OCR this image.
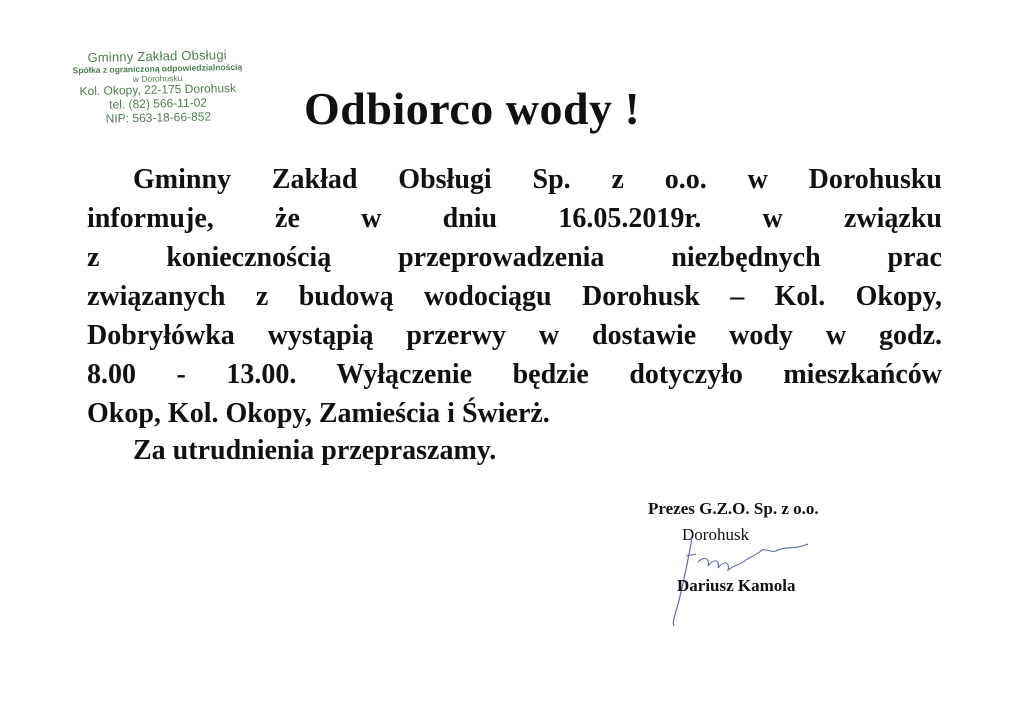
Gminny Zakład Obsługi
Spółka z ograniczoną odpowiedzialnością
w Dorohusku
Kol. Okopy, 22-175 Dorohusk
tel. (82) 566-11-02
NIP: 563-18-66-852	Odbiorco wody !
Gminny Zakład Obsługi Sp. z o.o. w Dorohusku
informuje, że w dniu 16.05.2019r. w związku
z koniecznością przeprowadzenia niezbędnych prac
związanych z budową wodociągu Dorohusk – Kol. Okopy,
Dobryłówka wystąpią przerwy w dostawie wody w godz.
8.00 - 13.00. Wyłączenie będzie dotyczyło mieszkańców
Okop, Kol. Okopy, Zamieścia i Świerż.
Za utrudnienia przepraszamy.
Prezes G.Z.O. Sp. z o.o.
Dorohusk
Dariusz Kamola
